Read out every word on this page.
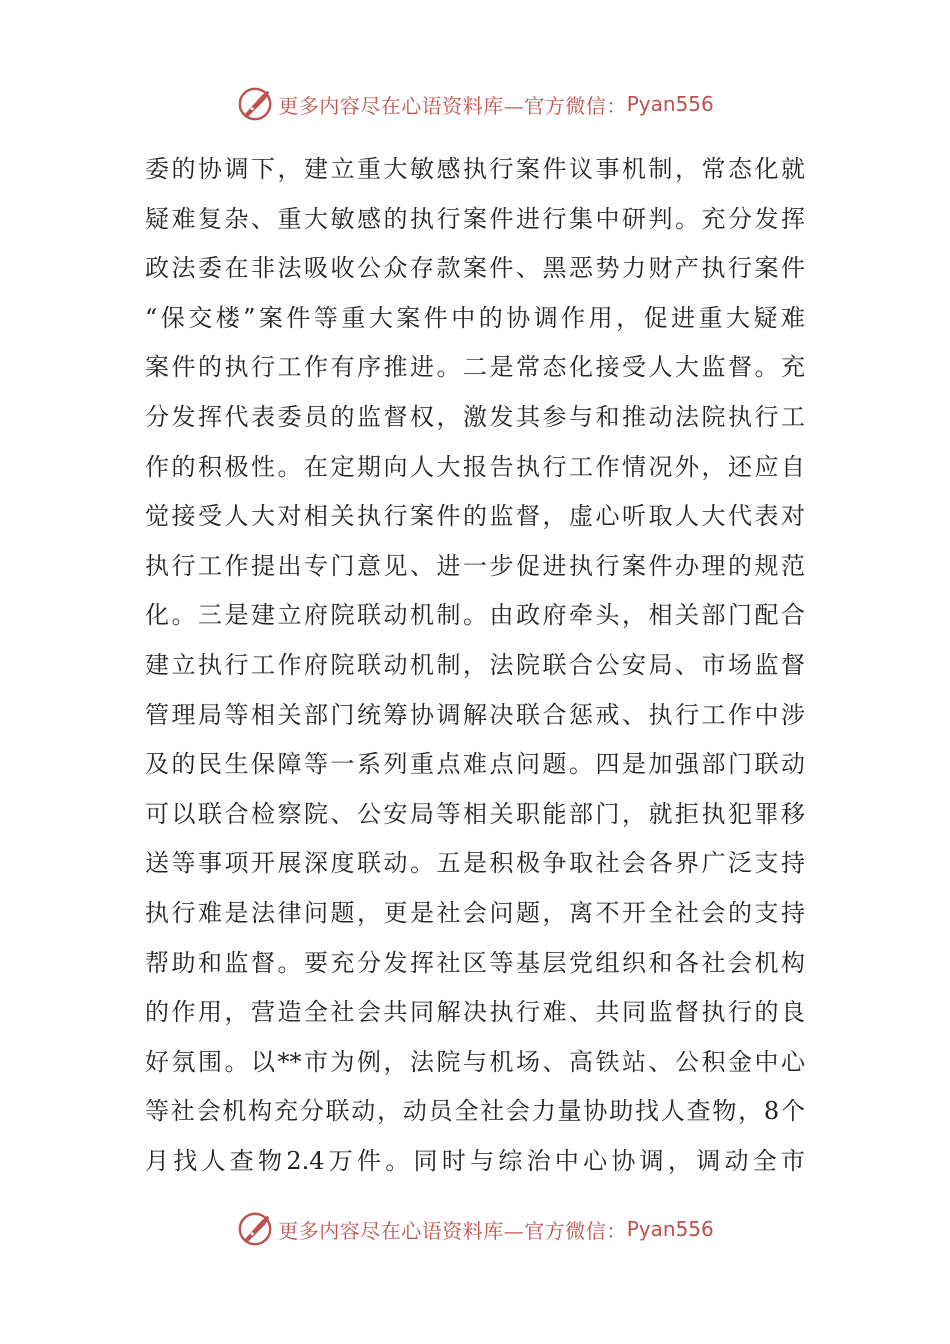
更多内容尽在心语资料库—官方微信： Pyan556
委的协调下，建立重大敏感执行案件议事机制，常态化就
疑难复杂、重大敏感的执行案件进行集中研判。充分发挥
政法委在非法吸收公众存款案件、黑恶势力财产执行案件
“保交楼”案件等重大案件中的协调作用，促进重大疑难
案件的执行工作有序推进。二是常态化接受人大监督。充
分发挥代表委员的监督权，激发其参与和推动法院执行工
作的积极性。在定期向人大报告执行工作情况外，还应自
觉接受人大对相关执行案件的监督，虚心听取人大代表对
执行工作提出专门意见、进一步促进执行案件办理的规范
化。三是建立府院联动机制。由政府牵头，相关部门配合
建立执行工作府院联动机制，法院联合公安局、市场监督
管理局等相关部门统筹协调解决联合惩戒、执行工作中涉
及的民生保障等一系列重点难点问题。四是加强部门联动
可以联合检察院、公安局等相关职能部门，就拒执犯罪移
送等事项开展深度联动。五是积极争取社会各界广泛支持
执行难是法律问题，更是社会问题，离不开全社会的支持
帮助和监督。要充分发挥社区等基层党组织和各社会机构
的作用，营造全社会共同解决执行难、共同监督执行的良
好氛围。以**市为例，法院与机场、高铁站、公积金中心
等社会机构充分联动，动员全社会力量协助找人查物，8个
月找人查物2.4万件。同时与综治中心协调，调动全市
更多内容尽在心语资料库—官方微信： Pyan556
